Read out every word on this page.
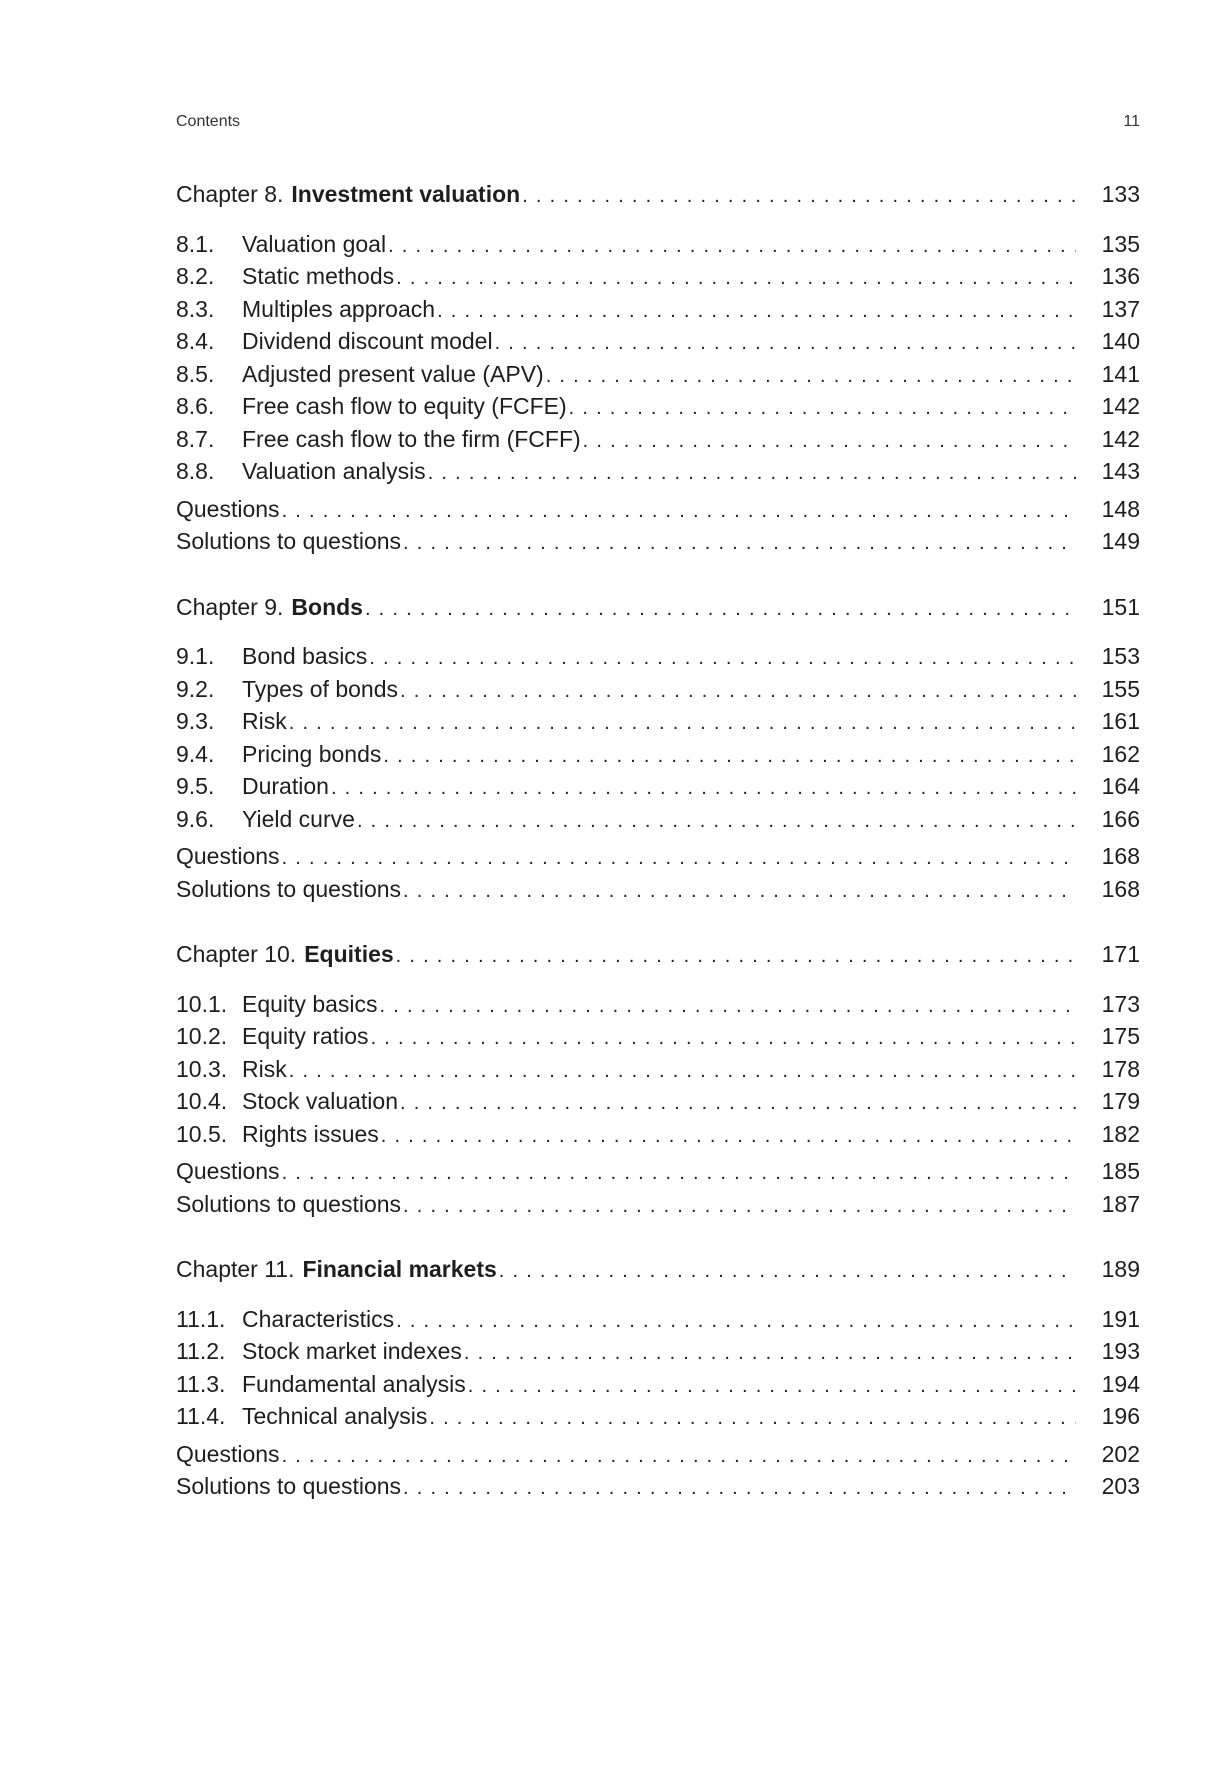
Contents	11
Chapter 8. Investment valuation . . .	133
8.1.	Valuation goal . . .	135
8.2.	Static methods . . .	136
8.3.	Multiples approach . . .	137
8.4.	Dividend discount model . . .	140
8.5.	Adjusted present value (APV) . . .	141
8.6.	Free cash flow to equity (FCFE) . . .	142
8.7.	Free cash flow to the firm (FCFF) . . .	142
8.8.	Valuation analysis . . .	143
Questions . . .	148
Solutions to questions . . .	149
Chapter 9. Bonds . . .	151
9.1.	Bond basics . . .	153
9.2.	Types of bonds . . .	155
9.3.	Risk . . .	161
9.4.	Pricing bonds . . .	162
9.5.	Duration . . .	164
9.6.	Yield curve . . .	166
Questions . . .	168
Solutions to questions . . .	168
Chapter 10. Equities . . .	171
10.1. Equity basics . . .	173
10.2. Equity ratios . . .	175
10.3. Risk . . .	178
10.4. Stock valuation . . .	179
10.5. Rights issues . . .	182
Questions . . .	185
Solutions to questions . . .	187
Chapter 11. Financial markets . . .	189
11.1. Characteristics . . .	191
11.2. Stock market indexes . . .	193
11.3. Fundamental analysis . . .	194
11.4. Technical analysis . . .	196
Questions . . .	202
Solutions to questions . . .	203
